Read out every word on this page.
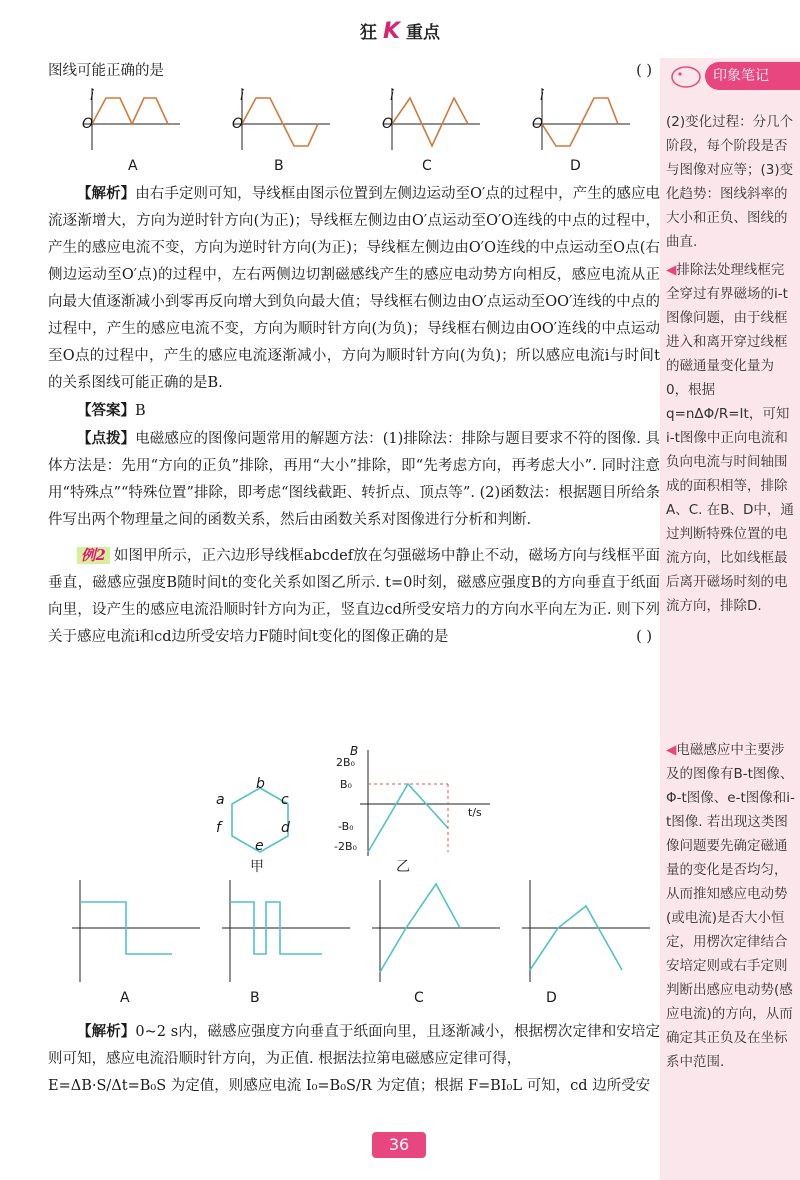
狂 K 重点

图线可能正确的是	( )

i	i	i	i
O	O	O	O
A	B	C	D

【解析】由右手定则可知，导线框由图示位置到左侧边运动至O′点的过程中，产生的感应电流逐渐增大，方向为逆时针方向(为正)；导线框左侧边由O′点运动至O′O连线的中点的过程中，产生的感应电流不变，方向为逆时针方向(为正)；导线框左侧边由O′O连线的中点运动至O点(右侧边运动至O′点)的过程中，左右两侧边切割磁感线产生的感应电动势方向相反，感应电流从正向最大值逐渐减小到零再反向增大到负向最大值；导线框右侧边由O′点运动至OO′连线的中点的过程中，产生的感应电流不变，方向为顺时针方向(为负)；导线框右侧边由OO′连线的中点运动至O点的过程中，产生的感应电流逐渐减小，方向为顺时针方向(为负)；所以感应电流i与时间t的关系图线可能正确的是B.

【答案】B

【点拨】电磁感应的图像问题常用的解题方法：(1)排除法：排除与题目要求不符的图像. 具体方法是：先用“方向的正负”排除，再用“大小”排除，即“先考虑方向，再考虑大小”. 同时注意用“特殊点”“特殊位置”排除，即考虑“图线截距、转折点、顶点等”. (2)函数法：根据题目所给条件写出两个物理量之间的函数关系，然后由函数关系对图像进行分析和判断.

例2 如图甲所示，正六边形导线框abcdef放在匀强磁场中静止不动，磁场方向与线框平面垂直，磁感应强度B随时间t的变化关系如图乙所示. t=0时刻，磁感应强度B的方向垂直于纸面向里，设产生的感应电流沿顺时针方向为正，竖直边cd所受安培力的方向水平向左为正. 则下列关于感应电流i和cd边所受安培力F随时间t变化的图像正确的是	( )

b
c
d
e
f
a
甲
B
t/s
B₀
2B₀
-B₀
-2B₀
乙
A	B	C	D

【解析】0~2 s内，磁感应强度方向垂直于纸面向里，且逐渐减小，根据楞次定律和安培定则可知，感应电流沿顺时针方向，为正值. 根据法拉第电磁感应定律可得，

E=ΔB·S/Δt=B₀S 为定值，则感应电流 I₀=B₀S/R 为定值；根据 F=BI₀L 可知，cd 边所受安

印象笔记
(2)变化过程：分几个阶段，每个阶段是否与图像对应等；(3)变化趋势：图线斜率的大小和正负、图线的曲直.
◀排除法处理线框完全穿过有界磁场的i-t图像问题，由于线框进入和离开穿过线框的磁通量变化量为0，根据q=nΔΦ/R=It，可知i-t图像中正向电流和负向电流与时间轴围成的面积相等，排除A、C. 在B、D中，通过判断特殊位置的电流方向，比如线框最后离开磁场时刻的电流方向，排除D.
◀电磁感应中主要涉及的图像有B-t图像、Φ-t图像、e-t图像和i-t图像. 若出现这类图像问题要先确定磁通量的变化是否均匀，从而推知感应电动势(或电流)是否大小恒定，用楞次定律结合安培定则或右手定则判断出感应电动势(感应电流)的方向，从而确定其正负及在坐标系中范围.
36
